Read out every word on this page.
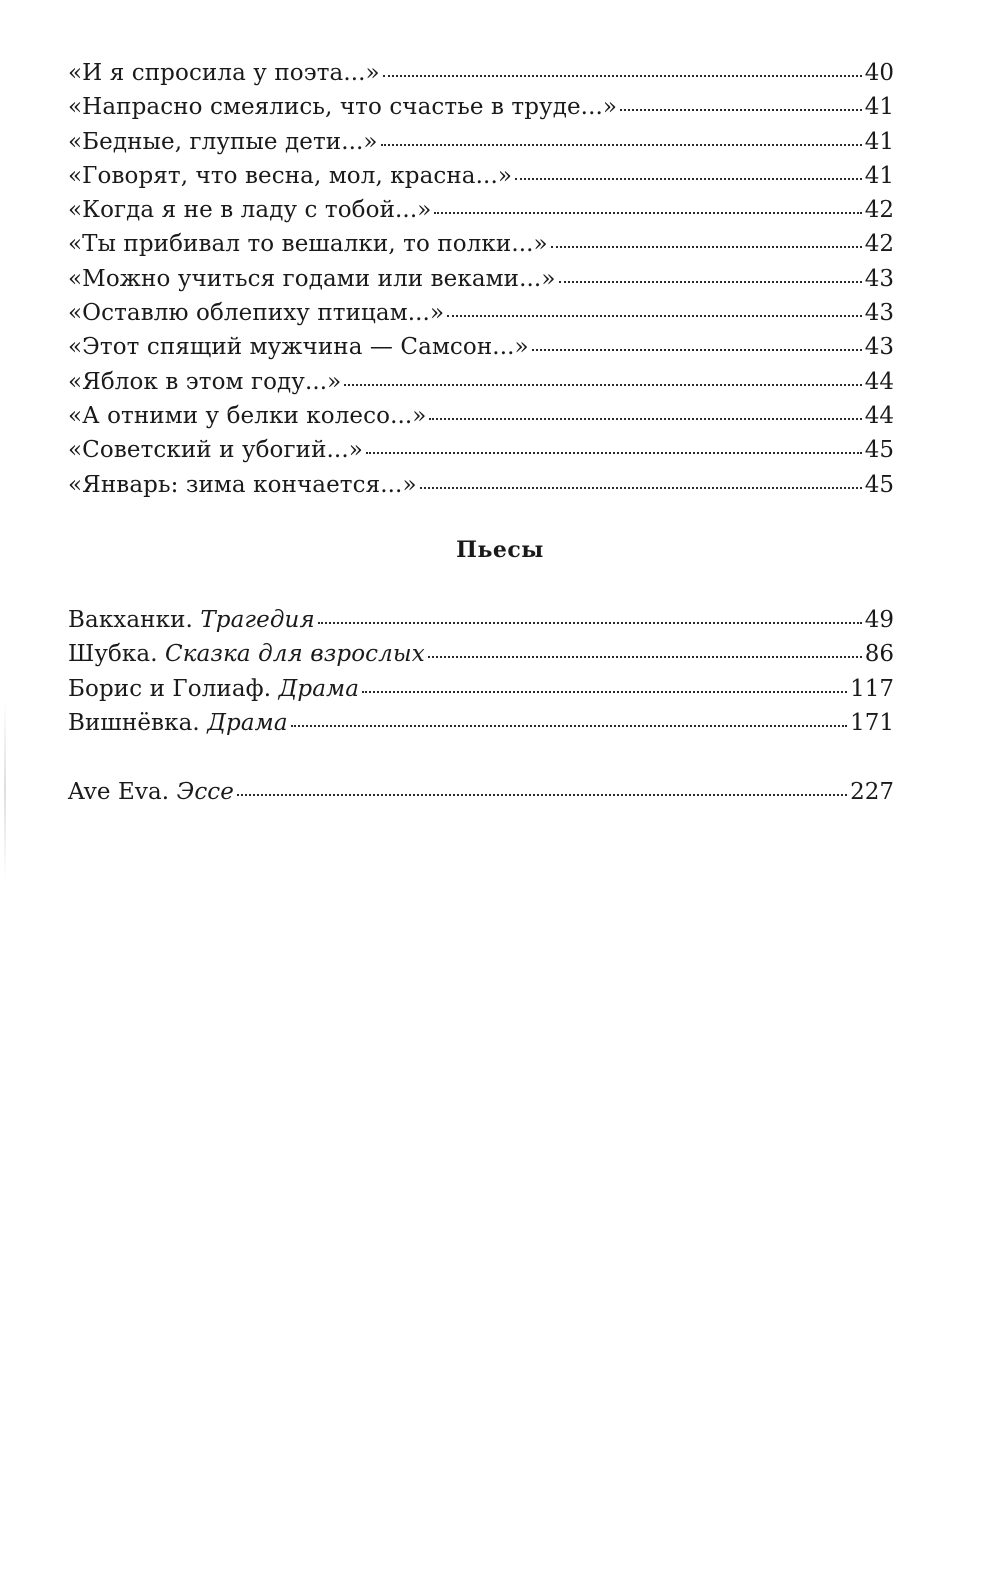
«И я спросила у поэта...»	40
«Напрасно смеялись, что счастье в труде...»	41
«Бедные, глупые дети...»	41
«Говорят, что весна, мол, красна...»	41
«Когда я не в ладу с тобой...»	42
«Ты прибивал то вешалки, то полки...»	42
«Можно учиться годами или веками...»	43
«Оставлю облепиху птицам...»	43
«Этот спящий мужчина — Самсон...»	43
«Яблок в этом году...»	44
«А отними у белки колесо...»	44
«Советский и убогий...»	45
«Январь: зима кончается...»	45
Пьесы
Вакханки. Трагедия	49
Шубка. Сказка для взрослых	86
Борис и Голиаф. Драма	117
Вишнёвка. Драма	171
Ave Eva. Эссе	227
